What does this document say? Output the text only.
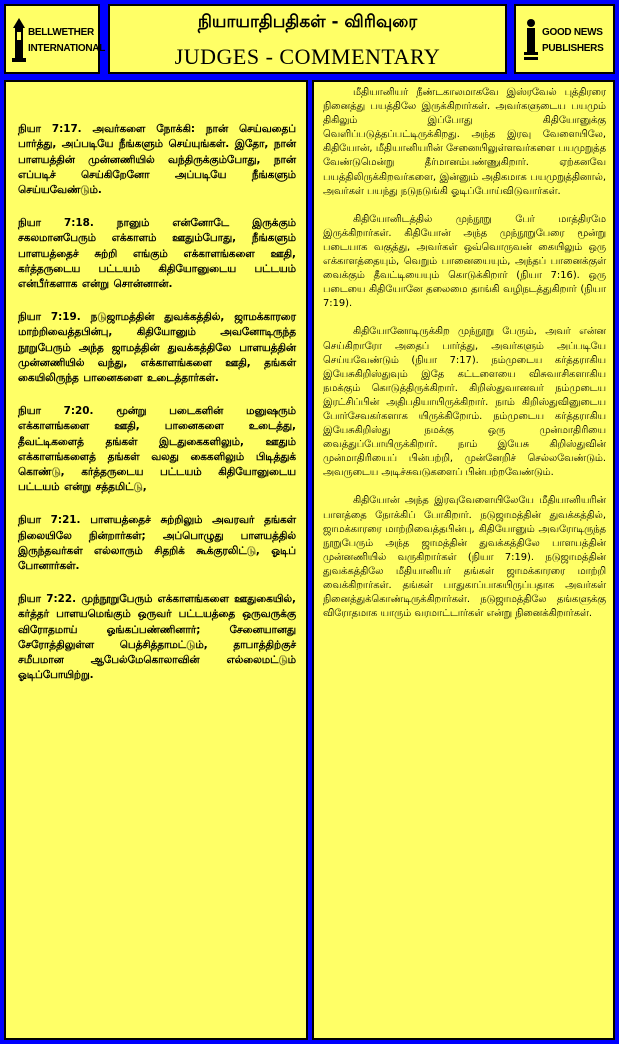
BELLWETHER
INTERNATIONAL
நியாயாதிபதிகள் - விரிவுரை
JUDGES - COMMENTARY
GOOD NEWS
PUBLISHERS

நியா 7:17. அவர்களை நோக்கி: நான் செய்வதைப் பார்த்து, அப்படியே நீங்களும் செய்யுங்கள். இதோ, நான் பாளயத்தின் முன்னணியில் வந்திருக்கும்போது, நான் எப்படிச் செய்கிறேனோ அப்படியே நீங்களும் செய்யவேண்டும்.

நியா 7:18. நானும் என்னோடே இருக்கும் சகலமானபேரும் எக்காளம் ஊதும்போது, நீங்களும் பாளயத்தைச் சுற்றி எங்கும் எக்காளங்களை ஊதி, கர்த்தருடைய பட்டயம் கிதியோனுடைய பட்டயம் என்பீர்களாக என்று சொன்னான்.

நியா 7:19. நடுஜாமத்தின் துவக்கத்தில், ஜாமக்காரரை மாற்றிவைத்தபின்பு, கிதியோனும் அவனோடிருந்த நூறுபேரும் அந்த ஜாமத்தின் துவக்கத்திலே பாளயத்தின் முன்னணியில் வந்து, எக்காளங்களை ஊதி, தங்கள் கையிலிருந்த பானைகளை உடைத்தார்கள்.

நியா 7:20. மூன்று படைகளின் மனுஷரும் எக்காளங்களை ஊதி, பானைகளை உடைத்து, தீவட்டிகளைத் தங்கள் இடதுகைகளிலும், ஊதும் எக்காளங்களைத் தங்கள் வலது கைகளிலும் பிடித்துக் கொண்டு, கர்த்தருடைய பட்டயம் கிதியோனுடைய பட்டயம் என்று சத்தமிட்டு,

நியா 7:21. பாளயத்தைச் சுற்றிலும் அவரவர் தங்கள் நிலையிலே நின்றார்கள்; அப்பொழுது பாளயத்தில் இருந்தவர்கள் எல்லாரும் சிதறிக் கூக்குரலிட்டு, ஓடிப் போனார்கள்.

நியா 7:22. முந்நூறுபேரும் எக்காளங்களை ஊதுகையில், கர்த்தர் பாளயமெங்கும் ஒருவர் பட்டயத்தை ஒருவருக்கு விரோதமாய் ஓங்கப்பண்ணினார்; சேனையானது சேரோத்திலுள்ள பெத்சித்தாமட்டும், தாபாத்திற்குச் சமீபமான ஆபேல்மேகொலாவின் எல்லைமட்டும் ஓடிப்போயிற்று.

மீதியானியர் நீண்டகாலமாகவே இஸ்ரவேல் புத்திரரை நினைத்து பயத்திலே இருக்கிறார்கள். அவர்களுடைய பயமும் திகிலும் இப்போது கிதியோனுக்கு வெளிப்படுத்தப்பட்டிருக்கிறது. அந்த இரவு வேளையிலே, கிதியோன், மீதியானியரின் சேனையிலுள்ளவர்களை பயமுறுத்த வேண்டுமென்று தீர்மானம்பண்ணுகிறார். ஏற்கனவே பயத்திலிருக்கிறவர்களை, இன்னும் அதிகமாக பயமுறுத்தினால், அவர்கள் பயந்து நடுநடுங்கி ஓடிப்போய்விடுவார்கள்.

கிதியோனிடத்தில் முந்நூறு பேர் மாத்திரமே இருக்கிறார்கள். கிதியோன் அந்த முந்நூறுபேரை மூன்று படையாக வகுத்து, அவர்கள் ஒவ்வொருவன் கையிலும் ஒரு எக்காளத்தையும், வெறும் பானையையும், அந்தப் பானைக்குள் வைக்கும் தீவட்டியையும் கொடுக்கிறார் (நியா 7:16). ஒரு படையை கிதியோனே தலைமை தாங்கி வழிநடத்துகிறார் (நியா 7:19).

கிதியோனோடிருக்கிற முந்நூறு பேரும், அவர் என்ன செய்கிறாரோ அதைப் பார்த்து, அவர்களும் அப்படியே செய்யவேண்டும் (நியா 7:17). நம்முடைய கர்த்தராகிய இயேசுகிறிஸ்துவும் இதே கட்டளையை விசுவாசிகளாகிய நமக்கும் கொடுத்திருக்கிறார். கிறிஸ்துவானவர் நம்முடைய இரட்சிப்பின் அதிபதியாயிருக்கிறார். நாம் கிறிஸ்துவினுடைய போர்சேவகர்களாக யிருக்கிறோம். நம்முடைய கர்த்தராகிய இயேசுகிறிஸ்து நமக்கு ஒரு முன்மாதிரியை வைத்துப்போயிருக்கிறார். நாம் இயேசு கிறிஸ்துவின் முன்மாதிரியைப் பின்பற்றி, முன்னேறிச் செல்லவேண்டும். அவருடைய அடிச்சுவடுகளைப் பின்பற்றவேண்டும்.

கிதியோன் அந்த இரவுவேளையிலேயே மீதியானியரின் பாளத்தை நோக்கிப் போகிறார். நடுஜாமத்தின் துவக்கத்தில், ஜாமக்காரரை மாற்றிவைத்தபின்பு, கிதியோனும் அவரோடிருந்த நூறுபேரும் அந்த ஜாமத்தின் துவக்கத்திலே பாளயத்தின் முன்னணியில் வருகிறார்கள் (நியா 7:19). நடுஜாமத்தின் துவக்கத்திலே மீதியானியர் தங்கள் ஜாமக்காரரை மாற்றி வைக்கிறார்கள். தங்கள் பாதுகாப்பாகயிருப்பதாக அவர்கள் நினைத்துக்கொண்டிருக்கிறார்கள். நடுஜாமத்திலே தங்களுக்கு விரோதமாக யாரும் வரமாட்டார்கள் என்று நினைக்கிறார்கள்.
